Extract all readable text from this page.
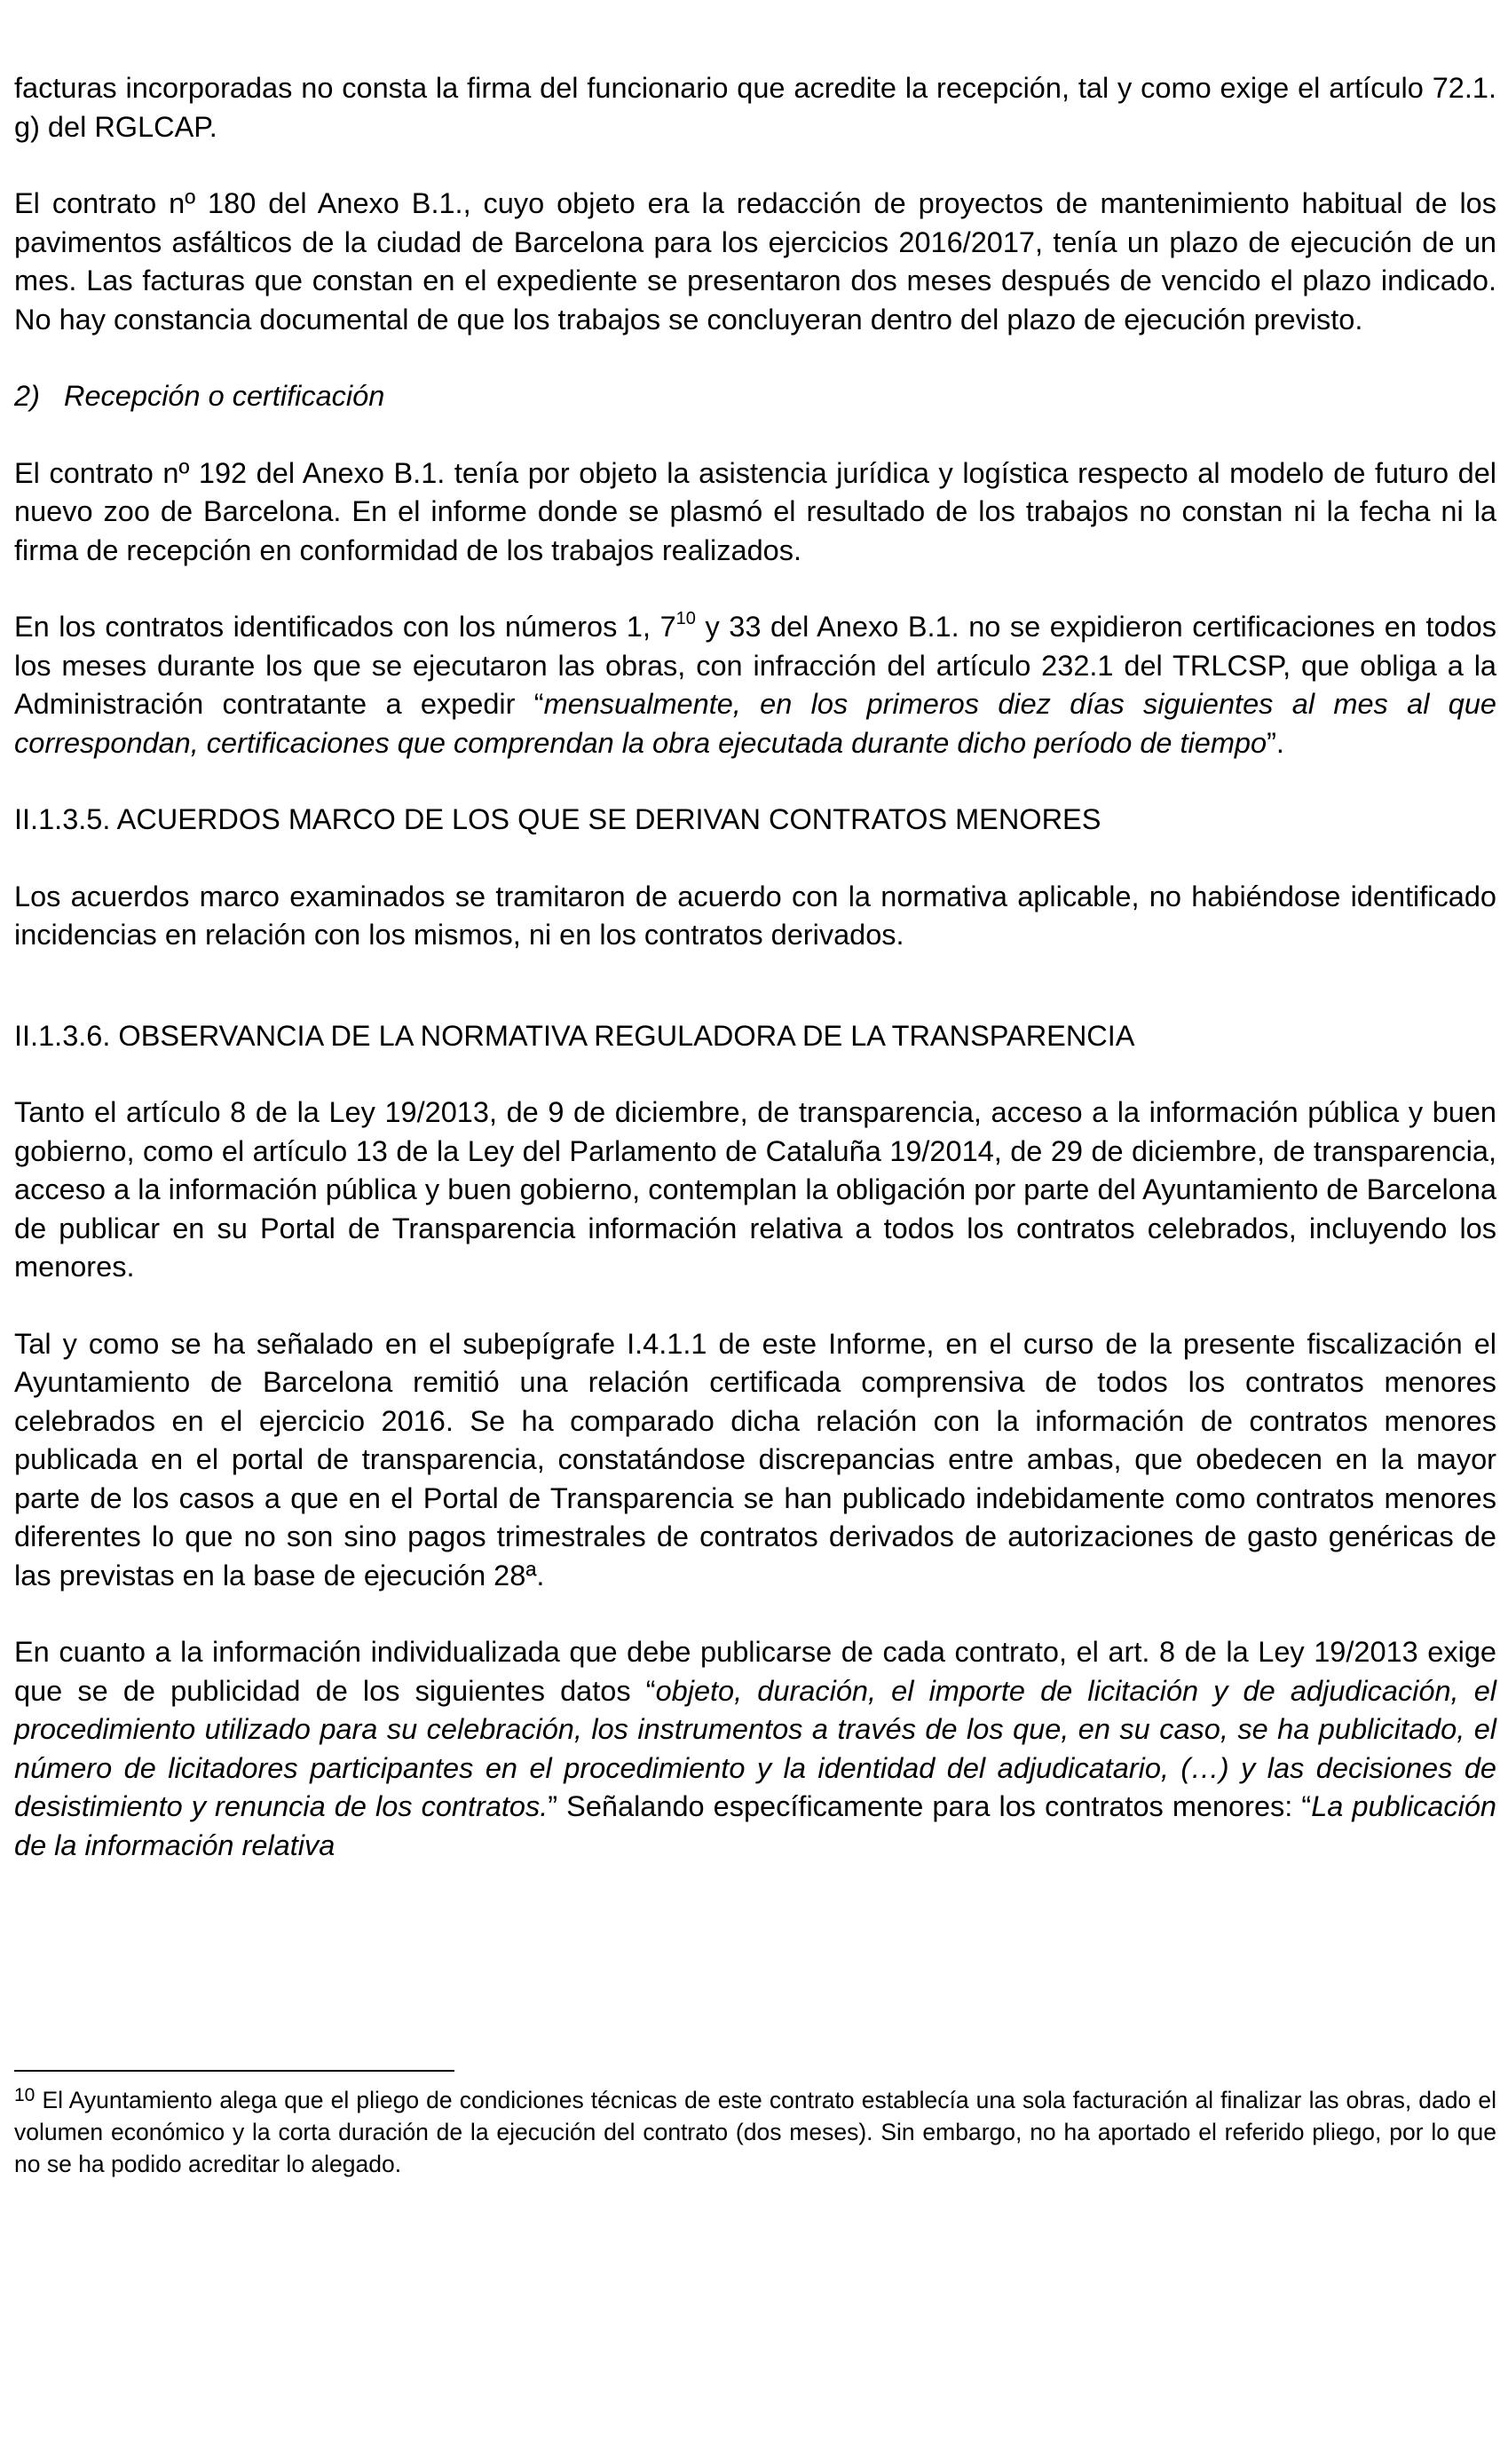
facturas incorporadas no consta la firma del funcionario que acredite la recepción, tal y como exige el artículo 72.1. g) del RGLCAP.

El contrato nº 180 del Anexo B.1., cuyo objeto era la redacción de proyectos de mantenimiento habitual de los pavimentos asfálticos de la ciudad de Barcelona para los ejercicios 2016/2017, tenía un plazo de ejecución de un mes. Las facturas que constan en el expediente se presentaron dos meses después de vencido el plazo indicado. No hay constancia documental de que los trabajos se concluyeran dentro del plazo de ejecución previsto.

2) Recepción o certificación

El contrato nº 192 del Anexo B.1. tenía por objeto la asistencia jurídica y logística respecto al modelo de futuro del nuevo zoo de Barcelona. En el informe donde se plasmó el resultado de los trabajos no constan ni la fecha ni la firma de recepción en conformidad de los trabajos realizados.

En los contratos identificados con los números 1, $7^{10}$ y 33 del Anexo B.1. no se expidieron certificaciones en todos los meses durante los que se ejecutaron las obras, con infracción del artículo 232.1 del TRLCSP, que obliga a la Administración contratante a expedir “mensualmente, en los primeros diez días siguientes al mes al que correspondan, certificaciones que comprendan la obra ejecutada durante dicho período de tiempo”.

II.1.3.5. ACUERDOS MARCO DE LOS QUE SE DERIVAN CONTRATOS MENORES

Los acuerdos marco examinados se tramitaron de acuerdo con la normativa aplicable, no habiéndose identificado incidencias en relación con los mismos, ni en los contratos derivados.

II.1.3.6. OBSERVANCIA DE LA NORMATIVA REGULADORA DE LA TRANSPARENCIA

Tanto el artículo 8 de la Ley 19/2013, de 9 de diciembre, de transparencia, acceso a la información pública y buen gobierno, como el artículo 13 de la Ley del Parlamento de Cataluña 19/2014, de 29 de diciembre, de transparencia, acceso a la información pública y buen gobierno, contemplan la obligación por parte del Ayuntamiento de Barcelona de publicar en su Portal de Transparencia información relativa a todos los contratos celebrados, incluyendo los menores.

Tal y como se ha señalado en el subepígrafe I.4.1.1 de este Informe, en el curso de la presente fiscalización el Ayuntamiento de Barcelona remitió una relación certificada comprensiva de todos los contratos menores celebrados en el ejercicio 2016. Se ha comparado dicha relación con la información de contratos menores publicada en el portal de transparencia, constatándose discrepancias entre ambas, que obedecen en la mayor parte de los casos a que en el Portal de Transparencia se han publicado indebidamente como contratos menores diferentes lo que no son sino pagos trimestrales de contratos derivados de autorizaciones de gasto genéricas de las previstas en la base de ejecución 28ª.

En cuanto a la información individualizada que debe publicarse de cada contrato, el art. 8 de la Ley 19/2013 exige que se de publicidad de los siguientes datos “objeto, duración, el importe de licitación y de adjudicación, el procedimiento utilizado para su celebración, los instrumentos a través de los que, en su caso, se ha publicitado, el número de licitadores participantes en el procedimiento y la identidad del adjudicatario, (…) y las decisiones de desistimiento y renuncia de los contratos.” Señalando específicamente para los contratos menores: “La publicación de la información relativa

$^{10}$ El Ayuntamiento alega que el pliego de condiciones técnicas de este contrato establecía una sola facturación al finalizar las obras, dado el volumen económico y la corta duración de la ejecución del contrato (dos meses). Sin embargo, no ha aportado el referido pliego, por lo que no se ha podido acreditar lo alegado.
